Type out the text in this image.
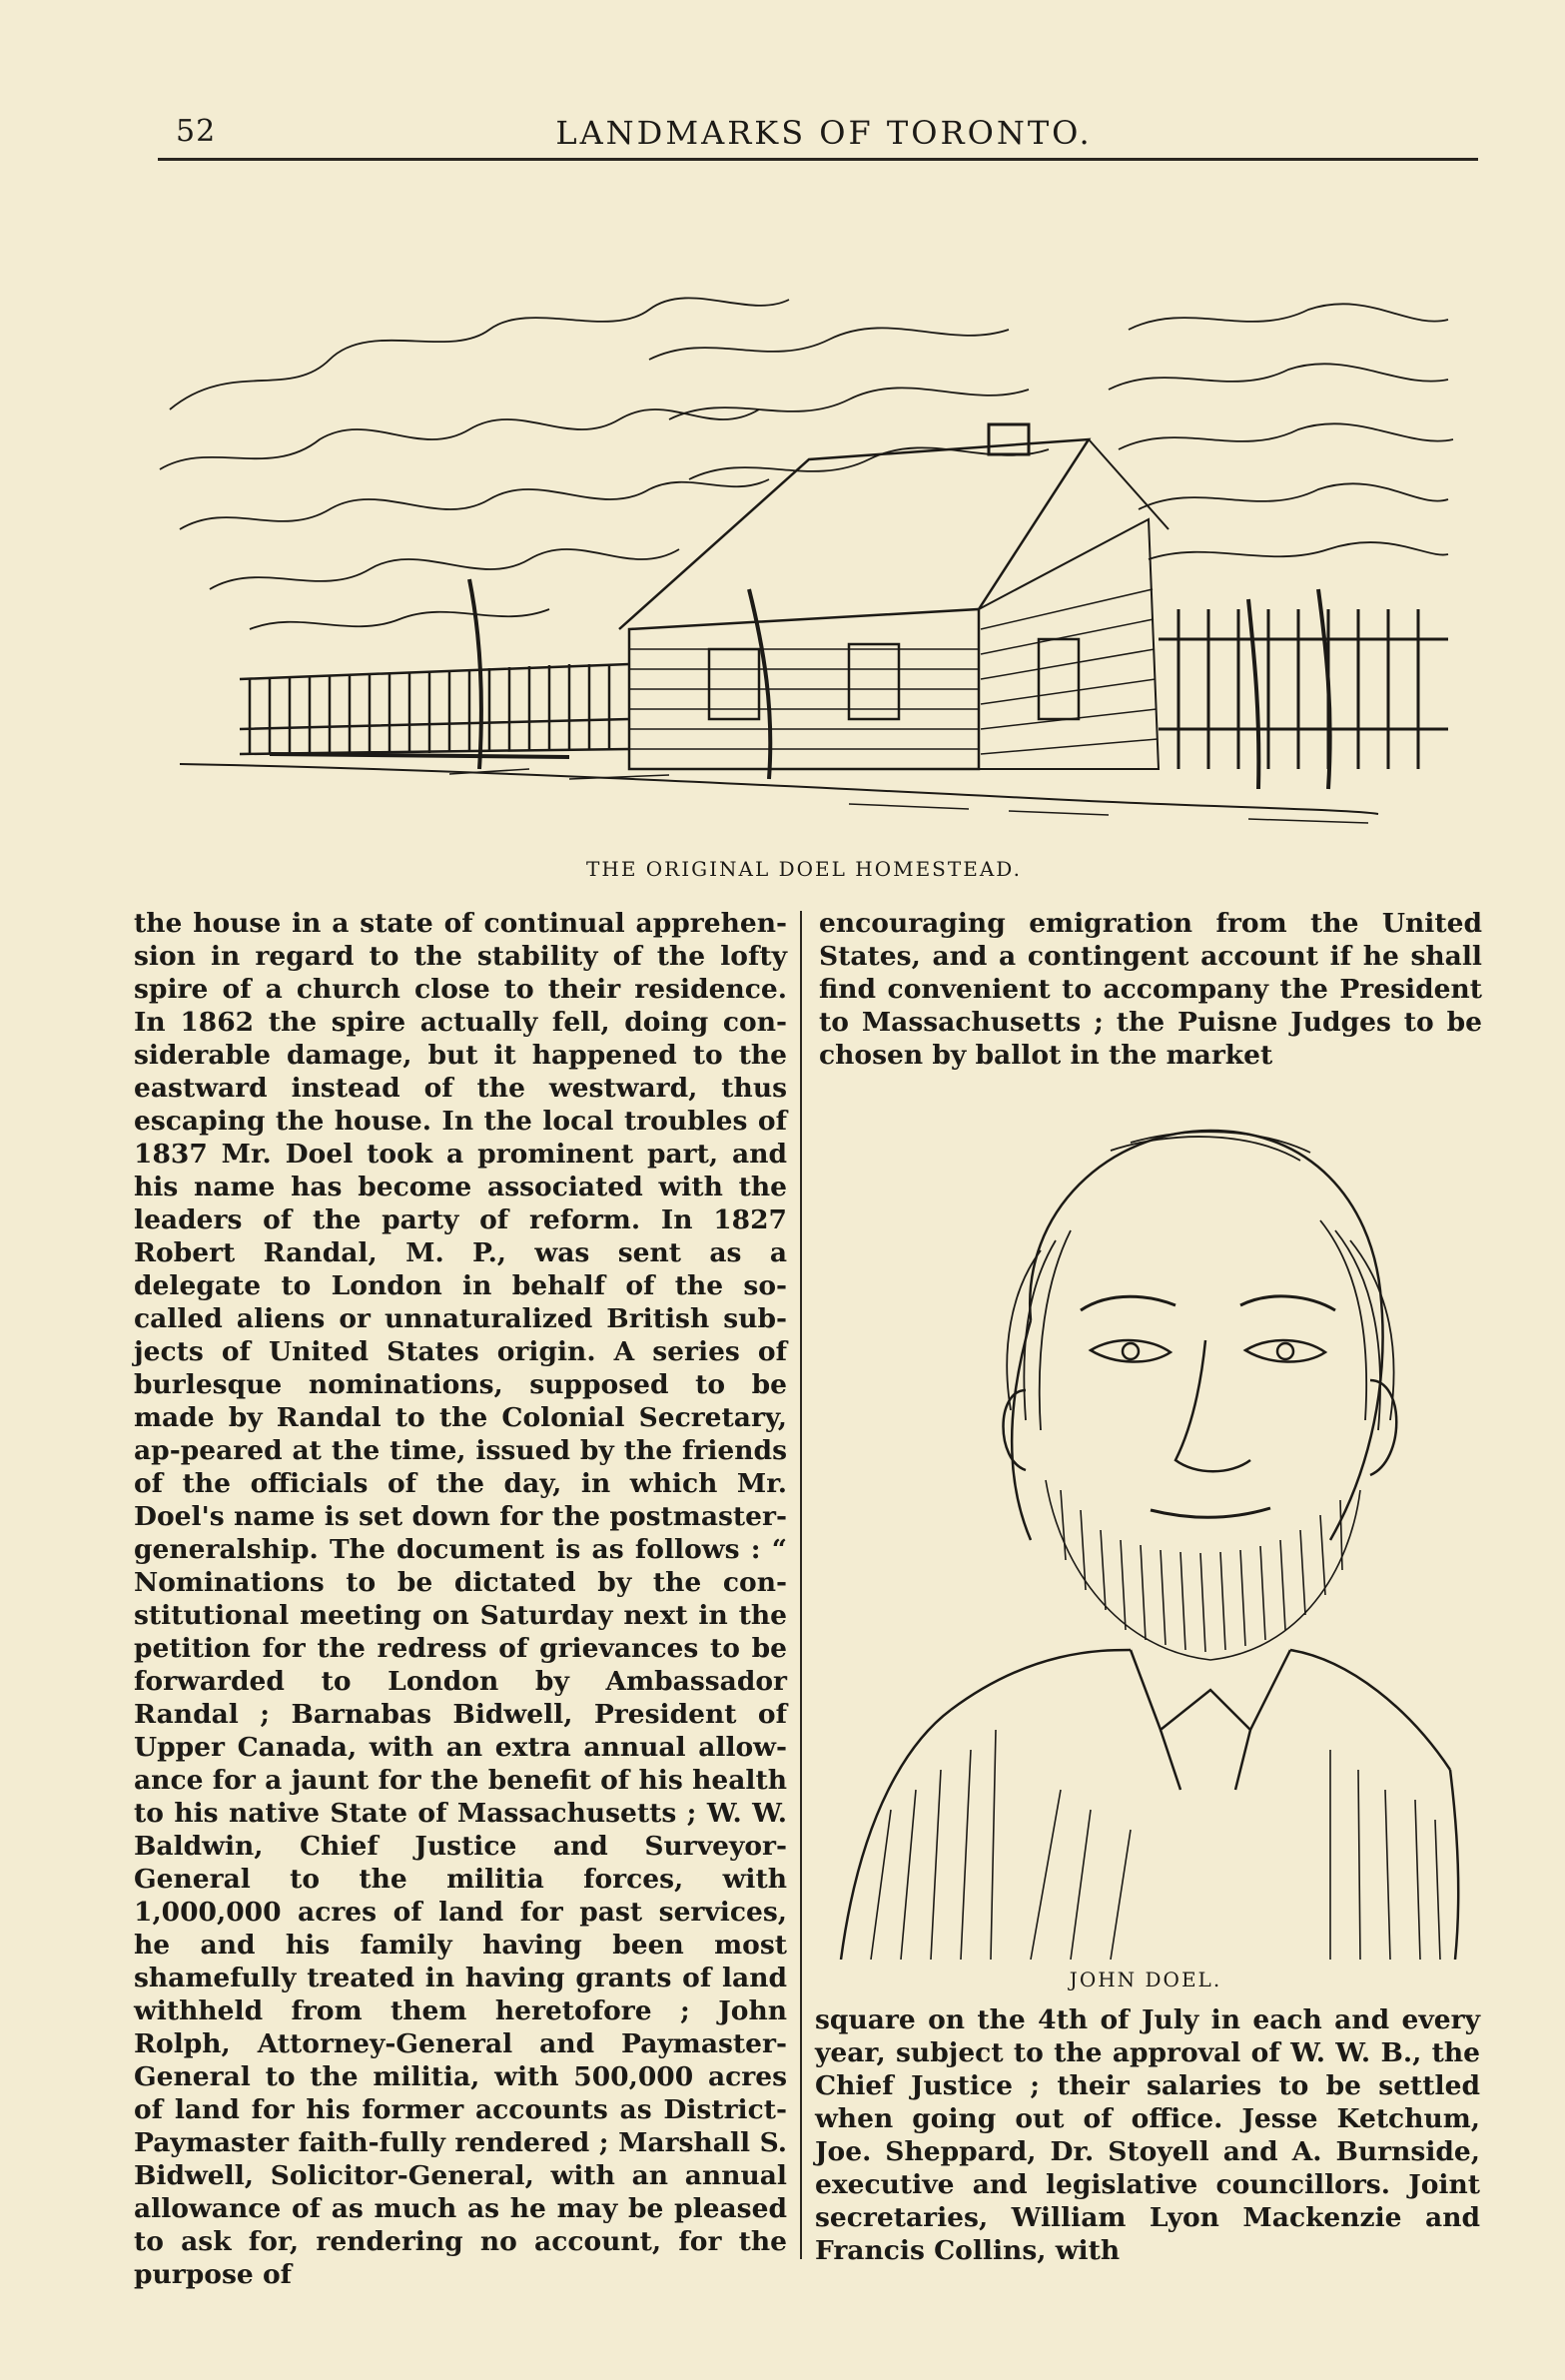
52	LANDMARKS OF TORONTO.
THE ORIGINAL DOEL HOMESTEAD.
the house in a state of continual apprehen-sion in regard to the stability of the lofty spire of a church close to their residence. In 1862 the spire actually fell, doing con-siderable damage, but it happened to the eastward instead of the westward, thus escaping the house. In the local troubles of 1837 Mr. Doel took a prominent part, and his name has become associated with the leaders of the party of reform. In 1827 Robert Randal, M. P., was sent as a delegate to London in behalf of the so-called aliens or unnaturalized British sub-jects of United States origin. A series of burlesque nominations, supposed to be made by Randal to the Colonial Secretary, ap-peared at the time, issued by the friends of the officials of the day, in which Mr. Doel's name is set down for the postmaster-generalship. The document is as follows : “ Nominations to be dictated by the con-stitutional meeting on Saturday next in the petition for the redress of grievances to be forwarded to London by Ambassador Randal ; Barnabas Bidwell, President of Upper Canada, with an extra annual allow-ance for a jaunt for the benefit of his health to his native State of Massachusetts ; W. W. Baldwin, Chief Justice and Surveyor-General to the militia forces, with 1,000,000 acres of land for past services, he and his family having been most shamefully treated in having grants of land withheld from them heretofore ; John Rolph, Attorney-General and Paymaster-General to the militia, with 500,000 acres of land for his former accounts as District-Paymaster faith-fully rendered ; Marshall S. Bidwell, Solicitor-General, with an annual allowance of as much as he may be pleased to ask for, rendering no account, for the purpose of
encouraging emigration from the United States, and a contingent account if he shall find convenient to accompany the President to Massachusetts ; the Puisne Judges to be chosen by ballot in the market
JOHN DOEL.
square on the 4th of July in each and every year, subject to the approval of W. W. B., the Chief Justice ; their salaries to be settled when going out of office. Jesse Ketchum, Joe. Sheppard, Dr. Stoyell and A. Burnside, executive and legislative councillors. Joint secretaries, William Lyon Mackenzie and Francis Collins, with
